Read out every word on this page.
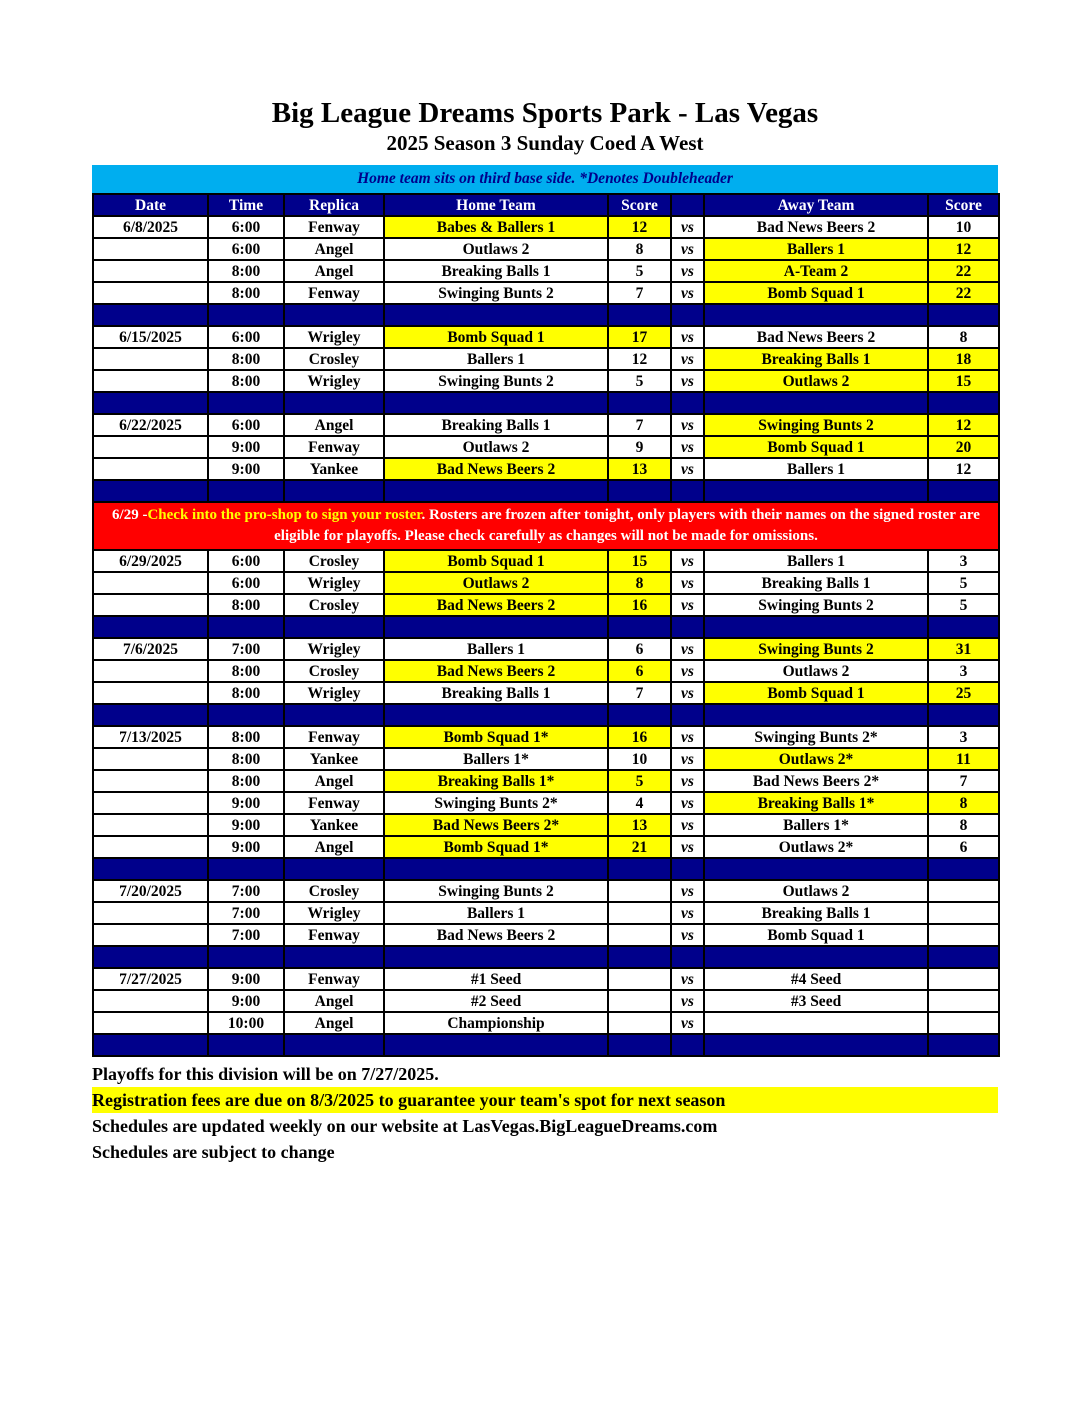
Big League Dreams Sports Park - Las Vegas
2025 Season 3 Sunday Coed A West
Home team sits on third base side. *Denotes Doubleheader
Date	Time	Replica	Home Team	Score		Away Team	Score
6/8/2025	6:00	Fenway	Babes & Ballers 1	12	vs	Bad News Beers 2	10
	6:00	Angel	Outlaws 2	8	vs	Ballers 1	12
	8:00	Angel	Breaking Balls 1	5	vs	A-Team 2	22
	8:00	Fenway	Swinging Bunts 2	7	vs	Bomb Squad 1	22

6/15/2025	6:00	Wrigley	Bomb Squad 1	17	vs	Bad News Beers 2	8
	8:00	Crosley	Ballers 1	12	vs	Breaking Balls 1	18
	8:00	Wrigley	Swinging Bunts 2	5	vs	Outlaws 2	15

6/22/2025	6:00	Angel	Breaking Balls 1	7	vs	Swinging Bunts 2	12
	9:00	Fenway	Outlaws 2	9	vs	Bomb Squad 1	20
	9:00	Yankee	Bad News Beers 2	13	vs	Ballers 1	12

6/29 -Check into the pro-shop to sign your roster. Rosters are frozen after tonight, only players with their names on the signed roster are eligible for playoffs. Please check carefully as changes will not be made for omissions.							
6/29/2025	6:00	Crosley	Bomb Squad 1	15	vs	Ballers 1	3
	6:00	Wrigley	Outlaws 2	8	vs	Breaking Balls 1	5
	8:00	Crosley	Bad News Beers 2	16	vs	Swinging Bunts 2	5

7/6/2025	7:00	Wrigley	Ballers 1	6	vs	Swinging Bunts 2	31
	8:00	Crosley	Bad News Beers 2	6	vs	Outlaws 2	3
	8:00	Wrigley	Breaking Balls 1	7	vs	Bomb Squad 1	25

7/13/2025	8:00	Fenway	Bomb Squad 1*	16	vs	Swinging Bunts 2*	3
	8:00	Yankee	Ballers 1*	10	vs	Outlaws 2*	11
	8:00	Angel	Breaking Balls 1*	5	vs	Bad News Beers 2*	7
	9:00	Fenway	Swinging Bunts 2*	4	vs	Breaking Balls 1*	8
	9:00	Yankee	Bad News Beers 2*	13	vs	Ballers 1*	8
	9:00	Angel	Bomb Squad 1*	21	vs	Outlaws 2*	6

7/20/2025	7:00	Crosley	Swinging Bunts 2		vs	Outlaws 2	
	7:00	Wrigley	Ballers 1		vs	Breaking Balls 1	
	7:00	Fenway	Bad News Beers 2		vs	Bomb Squad 1	

7/27/2025	9:00	Fenway	#1 Seed		vs	#4 Seed	
	9:00	Angel	#2 Seed		vs	#3 Seed	
	10:00	Angel	Championship		vs		

Playoffs for this division will be on 7/27/2025.
Registration fees are due on 8/3/2025 to guarantee your team's spot for next season
Schedules are updated weekly on our website at LasVegas.BigLeagueDreams.com
Schedules are subject to change
